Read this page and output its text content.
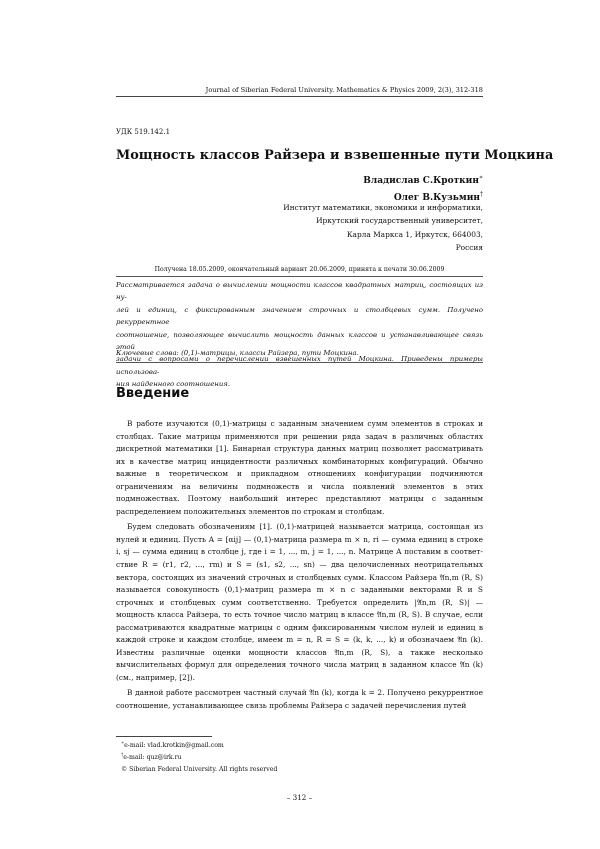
Journal of Siberian Federal University. Mathematics & Physics 2009, 2(3), 312-318
УДК 519.142.1
Мощность классов Райзера и взвешенные пути Моцкина
Владислав С.Кроткин∗
Олег В.Кузьмин†
Институт математики, экономики и информатики,
Иркутский государственный университет,
Карла Маркса 1, Иркутск, 664003,
Россия
Получена 18.05.2009, окончательный вариант 20.06.2009, принята к печати 30.06.2009
Рассматривается задача о вычислении мощности классов квадратных матриц, состоящих из ну-
лей и единиц, с фиксированным значением строчных и столбцевых сумм. Получено рекуррентное
соотношение, позволяющее вычислить мощность данных классов и устанавливающее связь этой
задачи с вопросами о перечислении взвешенных путей Моцкина. Приведены примеры использова-
ния найденного соотношения.
Ключевые слова: (0,1)-матрицы, классы Райзера, пути Моцкина.
Введение

В работе изучаются (0,1)-матрицы с заданным значением сумм элементов в строках и столбцах. Такие матрицы применяются при решении ряда задач в различных областях дискретной математики [1]. Бинарная структура данных матриц позволяет рассматривать их в качестве матриц инцидентности различных комбинаторных конфигураций. Обычно важные в теоретическом и прикладном отношениях конфигурации подчиняются ограничениям на величины подмножеств и числа появлений элементов в этих подмножествах. Поэтому наибольший интерес представляют матрицы с заданным распределением положительных элементов по строкам и столбцам.

Будем следовать обозначениям [1]. (0,1)-матрицей называется матрица, состоящая из нулей и единиц. Пусть A = [αij] — (0,1)-матрица размера m × n, ri — сумма единиц в строке i, sj — сумма единиц в столбце j, где i = 1, ..., m, j = 1, ..., n. Матрице A поставим в соответствие R = (r1, r2, ..., rm) и S = (s1, s2, ..., sn) — два целочисленных неотрицательных вектора, состоящих из значений строчных и столбцевых сумм. Классом Райзера 𝔄n,m (R, S) называется совокупность (0,1)-матриц размера m × n с заданными векторами R и S строчных и столбцевых сумм соответственно. Требуется определить |𝔄n,m (R, S)| — мощность класса Райзера, то есть точное число матриц в классе 𝔄n,m (R, S). В случае, если рассматриваются квадратные матрицы с одним фиксированным числом нулей и единиц в каждой строке и каждом столбце, имеем m = n, R = S = (k, k, ..., k) и обозначаем 𝔄n (k). Известны различные оценки мощности классов 𝔄n,m (R, S), а также несколько вычислительных формул для определения точного числа матриц в заданном классе 𝔄n (k) (см., например, [2]).

В данной работе рассмотрен частный случай 𝔄n (k), когда k = 2. Получено рекуррентное соотношение, устанавливающее связь проблемы Райзера с задачей перечисления путей

∗e-mail: vlad.krotkin@gmail.com
†e-mail: quz@irk.ru
© Siberian Federal University. All rights reserved
– 312 –
